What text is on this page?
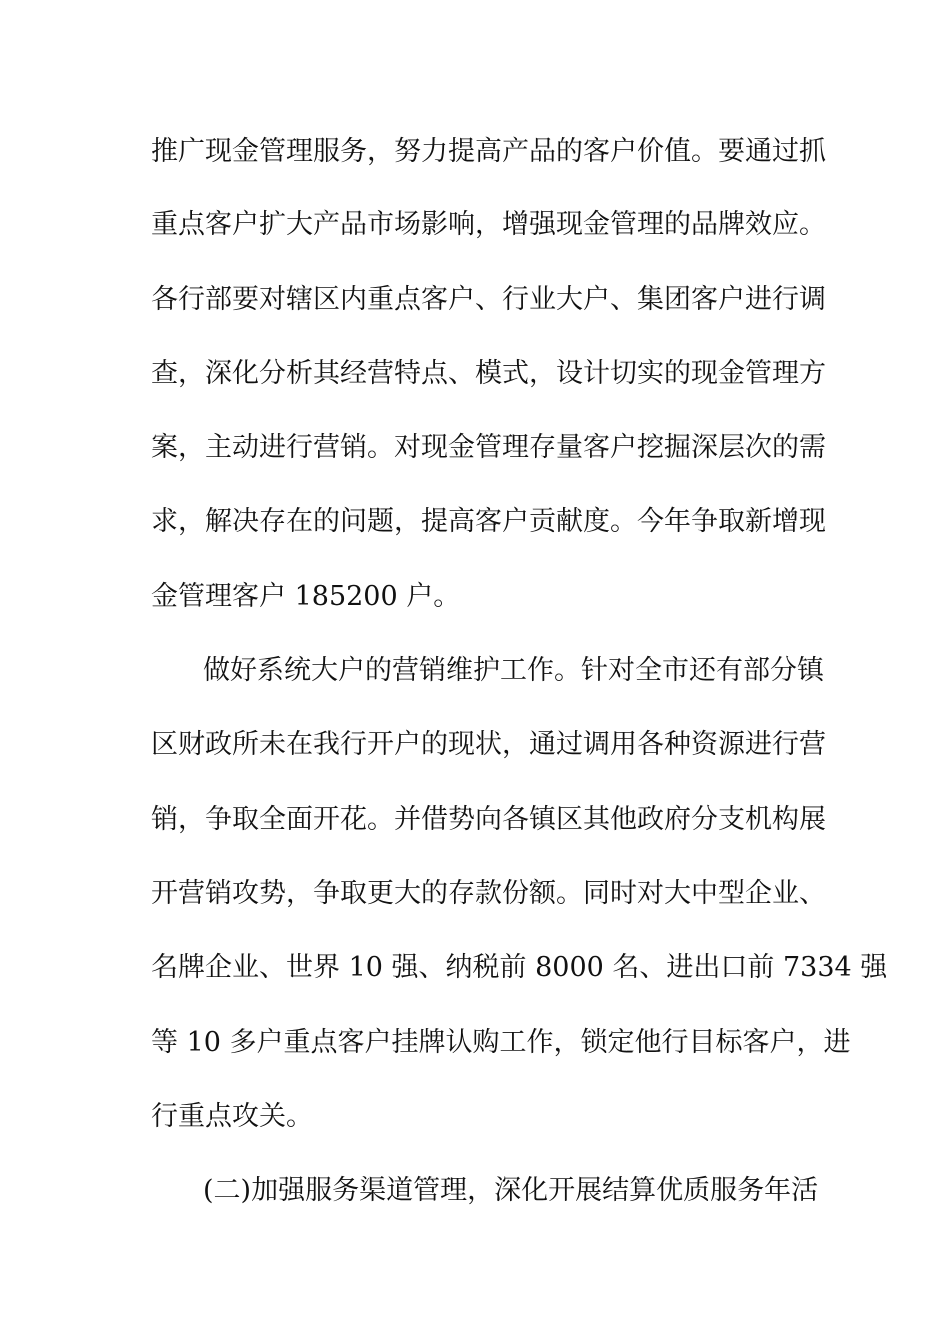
推广现金管理服务，努力提高产品的客户价值。要通过抓
重点客户扩大产品市场影响，增强现金管理的品牌效应。
各行部要对辖区内重点客户、行业大户、集团客户进行调
查，深化分析其经营特点、模式，设计切实的现金管理方
案，主动进行营销。对现金管理存量客户挖掘深层次的需
求，解决存在的问题，提高客户贡献度。今年争取新增现
金管理客户 185200 户。
做好系统大户的营销维护工作。针对全市还有部分镇
区财政所未在我行开户的现状，通过调用各种资源进行营
销，争取全面开花。并借势向各镇区其他政府分支机构展
开营销攻势，争取更大的存款份额。同时对大中型企业、
名牌企业、世界 10 强、纳税前 8000 名、进出口前 7334 强
等 10 多户重点客户挂牌认购工作，锁定他行目标客户，进
行重点攻关。
(二)加强服务渠道管理，深化开展结算优质服务年活
